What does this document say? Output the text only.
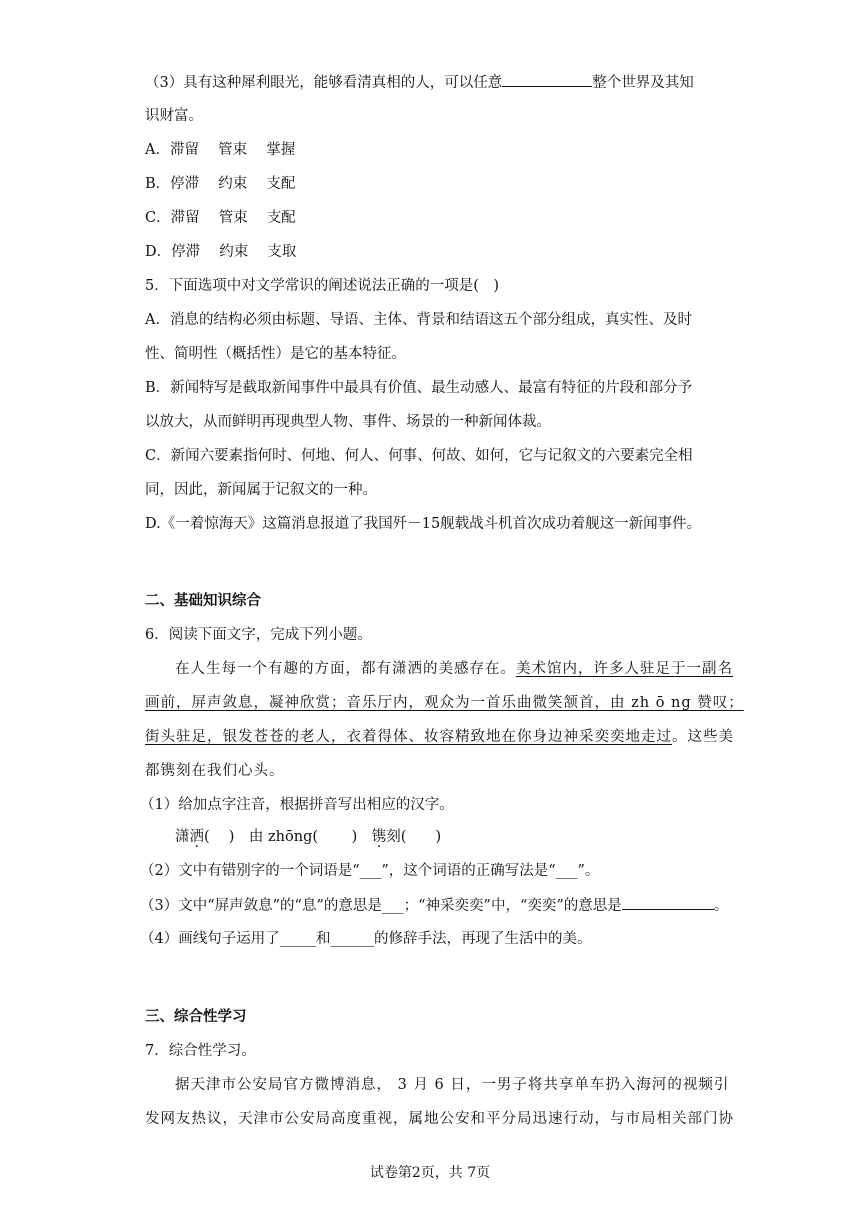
（3）具有这种犀利眼光，能够看清真相的人，可以任意	整个世界及其知
识财富。
A．滞留　 管束　 掌握
B．停滞　 约束　 支配
C．滞留　 管束　 支配
D．停滞　 约束　 支取
5．下面选项中对文学常识的阐述说法正确的一项是(　)
A．消息的结构必须由标题、导语、主体、背景和结语这五个部分组成，真实性、及时
性、简明性（概括性）是它的基本特征。
B．新闻特写是截取新闻事件中最具有价值、最生动感人、最富有特征的片段和部分予
以放大，从而鲜明再现典型人物、事件、场景的一种新闻体裁。
C．新闻六要素指何时、何地、何人、何事、何故、如何，它与记叙文的六要素完全相
同，因此，新闻属于记叙文的一种。
D.《一着惊海天》这篇消息报道了我国歼－15舰载战斗机首次成功着舰这一新闻事件。
二、基础知识综合
6．阅读下面文字，完成下列小题。
在人生每一个有趣的方面，都有潇洒的美感存在。美术馆内，许多人驻足于一副名
画前，屏声敛息，凝神欣赏；音乐厅内，观众为一首乐曲微笑颔首，由 zh ō ng 赞叹；
街头驻足，银发苍苍的老人，衣着得体、妆容精致地在你身边神采奕奕地走过。这些美
都镌刻在我们心头。
（1）给加点字注音，根据拼音写出相应的汉字。
潇洒(　 )　由 zhōng(　　 )　镌刻(　　)
（2）文中有错别字的一个词语是“___”，这个词语的正确写法是“___”。
（3）文中“屏声敛息”的“息”的意思是___；“神采奕奕”中，“奕奕”的意思是	。
（4）画线句子运用了_____和______的修辞手法，再现了生活中的美。
三、综合性学习
7．综合性学习。
据天津市公安局官方微博消息， 3 月 6 日，一男子将共享单车扔入海河的视频引
发网友热议，天津市公安局高度重视，属地公安和平分局迅速行动，与市局相关部门协
试卷第2页，共 7页
